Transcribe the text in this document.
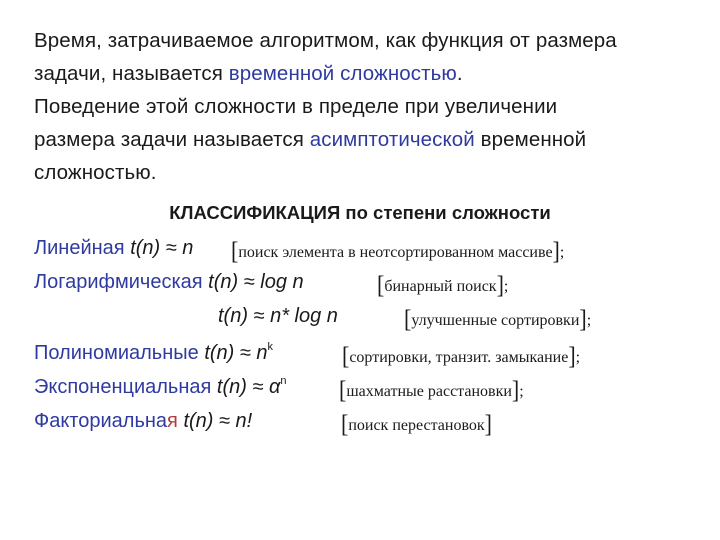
Время, затрачиваемое алгоритмом, как функция от размера
задачи, называется временной сложностью.
Поведение этой сложности в пределе при увеличении
размера задачи называется асимптотической временной
сложностью.
КЛАССИФИКАЦИЯ по степени сложности
Линейная t(n) ≈ n [поиск элемента в неотсортированном массиве];
Логарифмическая t(n) ≈ log n	[бинарный поиск];
t(n) ≈ n* log n	[улучшенные сортировки];
Полиномиальные $t(n) \approx n^k$	[сортировки, транзит. замыкание];
Экспоненциальная $t(n) \approx \alpha^n$ [шахматные расстановки];
Факториальная t(n) ≈ n!	[поиск перестановок]
